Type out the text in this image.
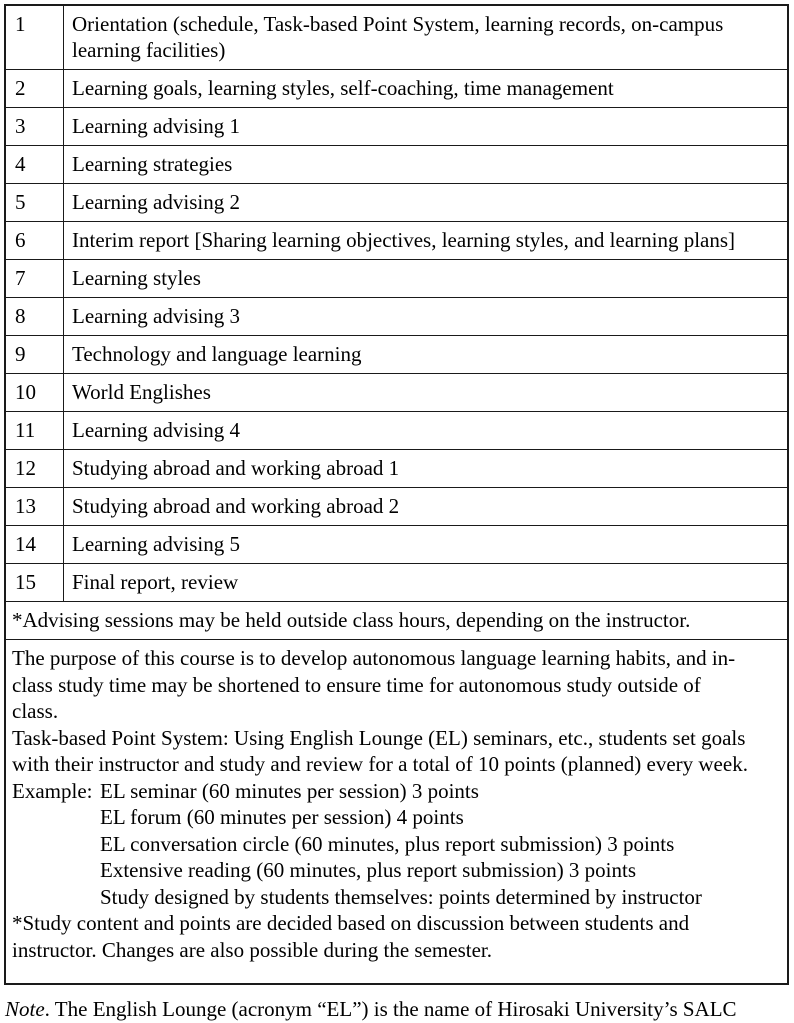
1	Orientation (schedule, Task-based Point System, learning records, on-campus learning facilities)
2	Learning goals, learning styles, self-coaching, time management
3	Learning advising 1
4	Learning strategies
5	Learning advising 2
6	Interim report [Sharing learning objectives, learning styles, and learning plans]
7	Learning styles
8	Learning advising 3
9	Technology and language learning
10	World Englishes
11	Learning advising 4
12	Studying abroad and working abroad 1
13	Studying abroad and working abroad 2
14	Learning advising 5
15	Final report, review
*Advising sessions may be held outside class hours, depending on the instructor.
The purpose of this course is to develop autonomous language learning habits, and in-
class study time may be shortened to ensure time for autonomous study outside of
class.
Task-based Point System: Using English Lounge (EL) seminars, etc., students set goals
with their instructor and study and review for a total of 10 points (planned) every week.
Example: EL seminar (60 minutes per session) 3 points
EL forum (60 minutes per session) 4 points
EL conversation circle (60 minutes, plus report submission) 3 points
Extensive reading (60 minutes, plus report submission) 3 points
Study designed by students themselves: points determined by instructor
*Study content and points are decided based on discussion between students and
instructor. Changes are also possible during the semester.

Note. The English Lounge (acronym “EL”) is the name of Hirosaki University’s SALC
